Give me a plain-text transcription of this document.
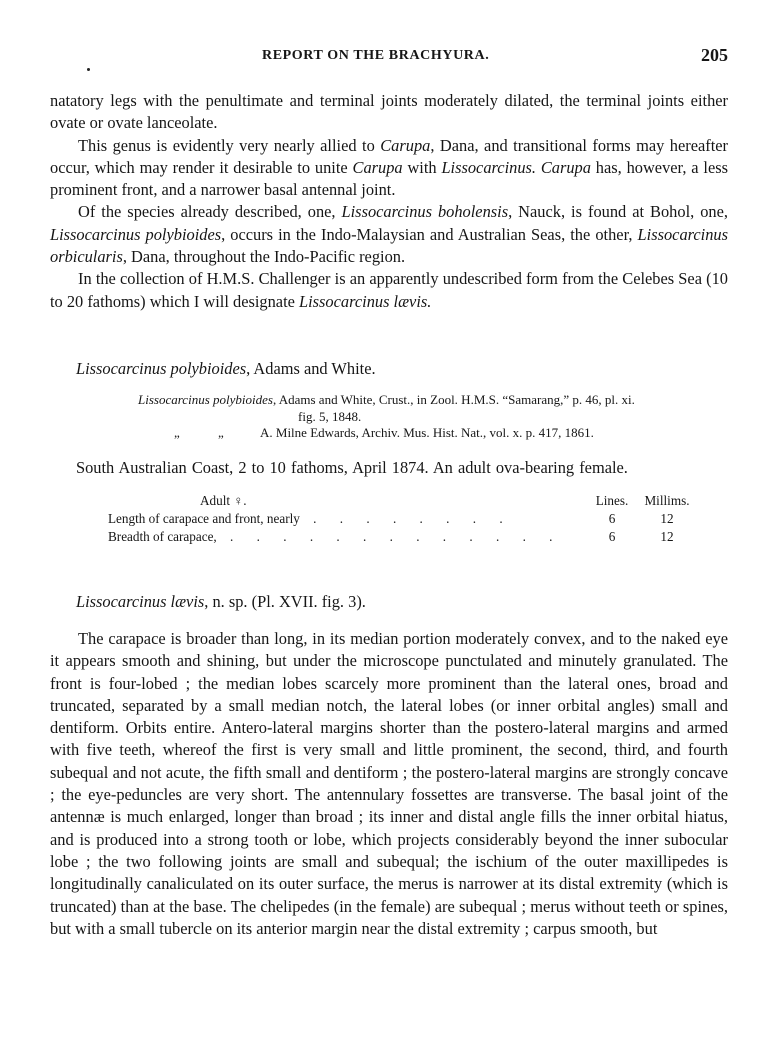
REPORT ON THE BRACHYURA.	205

natatory legs with the penultimate and terminal joints moderately dilated, the terminal joints either ovate or ovate lanceolate.

This genus is evidently very nearly allied to Carupa, Dana, and transitional forms may hereafter occur, which may render it desirable to unite Carupa with Lissocarcinus. Carupa has, however, a less prominent front, and a narrower basal antennal joint.

Of the species already described, one, Lissocarcinus boholensis, Nauck, is found at Bohol, one, Lissocarcinus polybioides, occurs in the Indo-Malaysian and Australian Seas, the other, Lissocarcinus orbicularis, Dana, throughout the Indo-Pacific region.

In the collection of H.M.S. Challenger is an apparently undescribed form from the Celebes Sea (10 to 20 fathoms) which I will designate Lissocarcinus lævis.

Lissocarcinus polybioides, Adams and White.
Lissocarcinus polybioides, Adams and White, Crust., in Zool. H.M.S. “Samarang,” p. 46, pl. xi.
fig. 5, 1848.
„	„	A. Milne Edwards, Archiv. Mus. Hist. Nat., vol. x. p. 417, 1861.
South Australian Coast, 2 to 10 fathoms, April 1874. An adult ova-bearing female.
Adult ♀.	Lines.	Millims.
Length of carapace and front, nearly . . . . . . . .	6	12
Breadth of carapace, . . . . . . . . . . . . .	6	12
Lissocarcinus lævis, n. sp. (Pl. XVII. fig. 3).

The carapace is broader than long, in its median portion moderately convex, and to the naked eye it appears smooth and shining, but under the microscope punctulated and minutely granulated. The front is four-lobed ; the median lobes scarcely more prominent than the lateral ones, broad and truncated, separated by a small median notch, the lateral lobes (or inner orbital angles) small and dentiform. Orbits entire. Antero-lateral margins shorter than the postero-lateral margins and armed with five teeth, whereof the first is very small and little prominent, the second, third, and fourth subequal and not acute, the fifth small and dentiform ; the postero-lateral margins are strongly concave ; the eye-peduncles are very short. The antennulary fossettes are transverse. The basal joint of the antennæ is much enlarged, longer than broad ; its inner and distal angle fills the inner orbital hiatus, and is produced into a strong tooth or lobe, which projects considerably beyond the inner subocular lobe ; the two following joints are small and subequal; the ischium of the outer maxillipedes is longitudinally canaliculated on its outer surface, the merus is narrower at its distal extremity (which is truncated) than at the base. The chelipedes (in the female) are subequal ; merus without teeth or spines, but with a small tubercle on its anterior margin near the distal extremity ; carpus smooth, but
